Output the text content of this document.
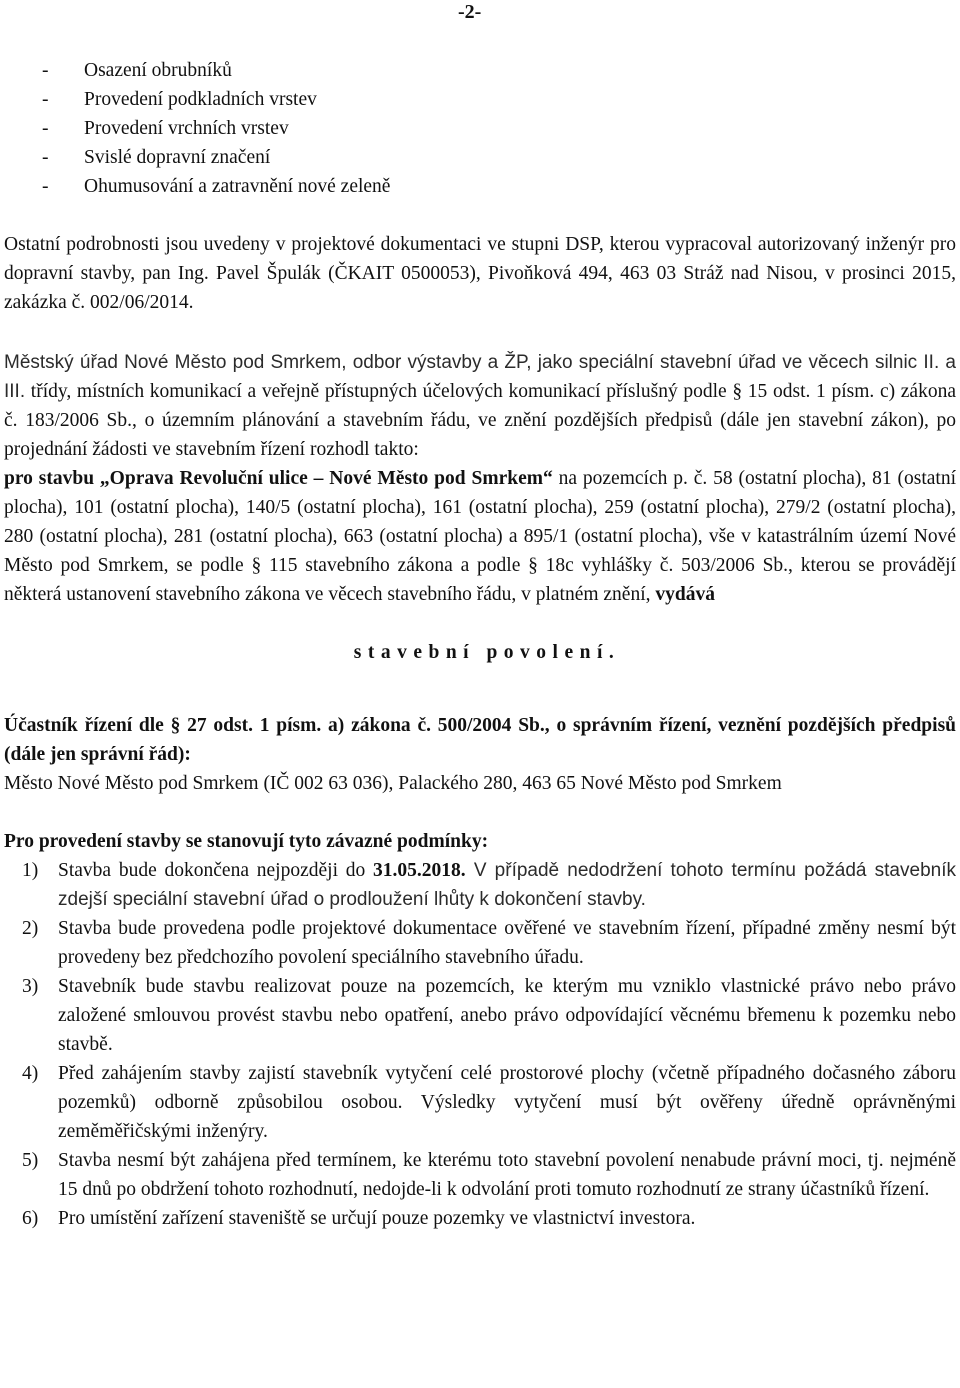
-2-
- Osazení obrubníků
- Provedení podkladních vrstev
- Provedení vrchních vrstev
- Svislé dopravní značení
- Ohumusování a zatravnění nové zeleně

Ostatní podrobnosti jsou uvedeny v projektové dokumentaci ve stupni DSP, kterou vypracoval autorizovaný inženýr pro dopravní stavby, pan Ing. Pavel Špulák (ČKAIT 0500053), Pivoňková 494, 463 03 Stráž nad Nisou, v prosinci 2015, zakázka č. 002/06/2014.

Městský úřad Nové Město pod Smrkem, odbor výstavby a ŽP, jako speciální stavební úřad ve věcech silnic II. a III. třídy, místních komunikací a veřejně přístupných účelových komunikací příslušný podle § 15 odst. 1 písm. c) zákona č. 183/2006 Sb., o územním plánování a stavebním řádu, ve znění pozdějších předpisů (dále jen stavební zákon), po projednání žádosti ve stavebním řízení rozhodl takto:

pro stavbu „Oprava Revoluční ulice – Nové Město pod Smrkem“ na pozemcích p. č. 58 (ostatní plocha), 81 (ostatní plocha), 101 (ostatní plocha), 140/5 (ostatní plocha), 161 (ostatní plocha), 259 (ostatní plocha), 279/2 (ostatní plocha), 280 (ostatní plocha), 281 (ostatní plocha), 663 (ostatní plocha) a 895/1 (ostatní plocha), vše v katastrálním území Nové Město pod Smrkem, se podle § 115 stavebního zákona a podle § 18c vyhlášky č. 503/2006 Sb., kterou se provádějí některá ustanovení stavebního zákona ve věcech stavebního řádu, v platném znění, vydává

stavební povolení.

Účastník řízení dle § 27 odst. 1 písm. a) zákona č. 500/2004 Sb., o správním řízení, veznění pozdějších předpisů (dále jen správní řád):

Město Nové Město pod Smrkem (IČ 002 63 036), Palackého 280, 463 65 Nové Město pod Smrkem

Pro provedení stavby se stanovují tyto závazné podmínky:
1) Stavba bude dokončena nejpozději do 31.05.2018. V případě nedodržení tohoto termínu požádá stavebník zdejší speciální stavební úřad o prodloužení lhůty k dokončení stavby.
2) Stavba bude provedena podle projektové dokumentace ověřené ve stavebním řízení, případné změny nesmí být provedeny bez předchozího povolení speciálního stavebního úřadu.
3) Stavebník bude stavbu realizovat pouze na pozemcích, ke kterým mu vzniklo vlastnické právo nebo právo založené smlouvou provést stavbu nebo opatření, anebo právo odpovídající věcnému břemenu k pozemku nebo stavbě.
4) Před zahájením stavby zajistí stavebník vytyčení celé prostorové plochy (včetně případného dočasného záboru pozemků) odborně způsobilou osobou. Výsledky vytyčení musí být ověřeny úředně oprávněnými zeměměřičskými inženýry.
5) Stavba nesmí být zahájena před termínem, ke kterému toto stavební povolení nenabude právní moci, tj. nejméně 15 dnů po obdržení tohoto rozhodnutí, nedojde-li k odvolání proti tomuto rozhodnutí ze strany účastníků řízení.
6) Pro umístění zařízení staveniště se určují pouze pozemky ve vlastnictví investora.
